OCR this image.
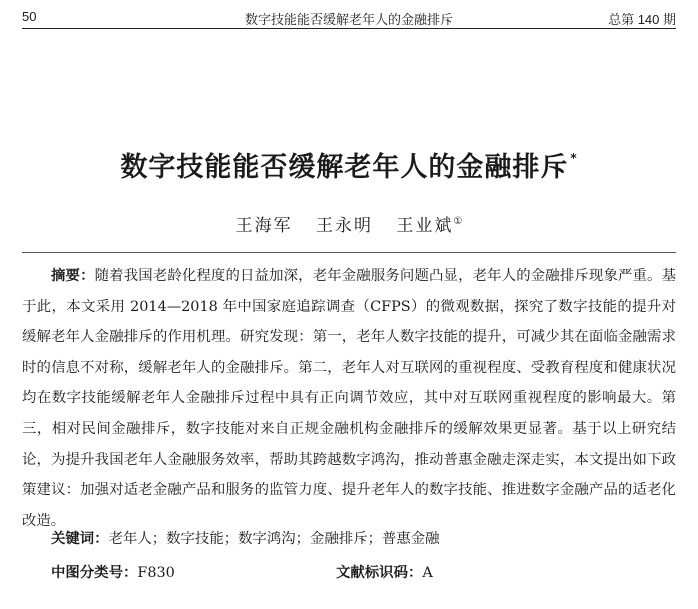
50	数字技能能否缓解老年人的金融排斥	总第 140 期
数字技能能否缓解老年人的金融排斥 *
王海军 王永明 王业斌①

摘要：随着我国老龄化程度的日益加深，老年金融服务问题凸显，老年人的金融排斥现象严重。基于此，本文采用 2014—2018 年中国家庭追踪调查（CFPS）的微观数据，探究了数字技能的提升对缓解老年人金融排斥的作用机理。研究发现：第一，老年人数字技能的提升，可减少其在面临金融需求时的信息不对称，缓解老年人的金融排斥。第二，老年人对互联网的重视程度、受教育程度和健康状况均在数字技能缓解老年人金融排斥过程中具有正向调节效应，其中对互联网重视程度的影响最大。第三，相对民间金融排斥，数字技能对来自正规金融机构金融排斥的缓解效果更显著。基于以上研究结论，为提升我国老年人金融服务效率，帮助其跨越数字鸿沟，推动普惠金融走深走实，本文提出如下政策建议：加强对适老金融产品和服务的监管力度、提升老年人的数字技能、推进数字金融产品的适老化改造。

关键词：老年人；数字技能；数字鸿沟；金融排斥；普惠金融
中图分类号：F830	文献标识码：A
